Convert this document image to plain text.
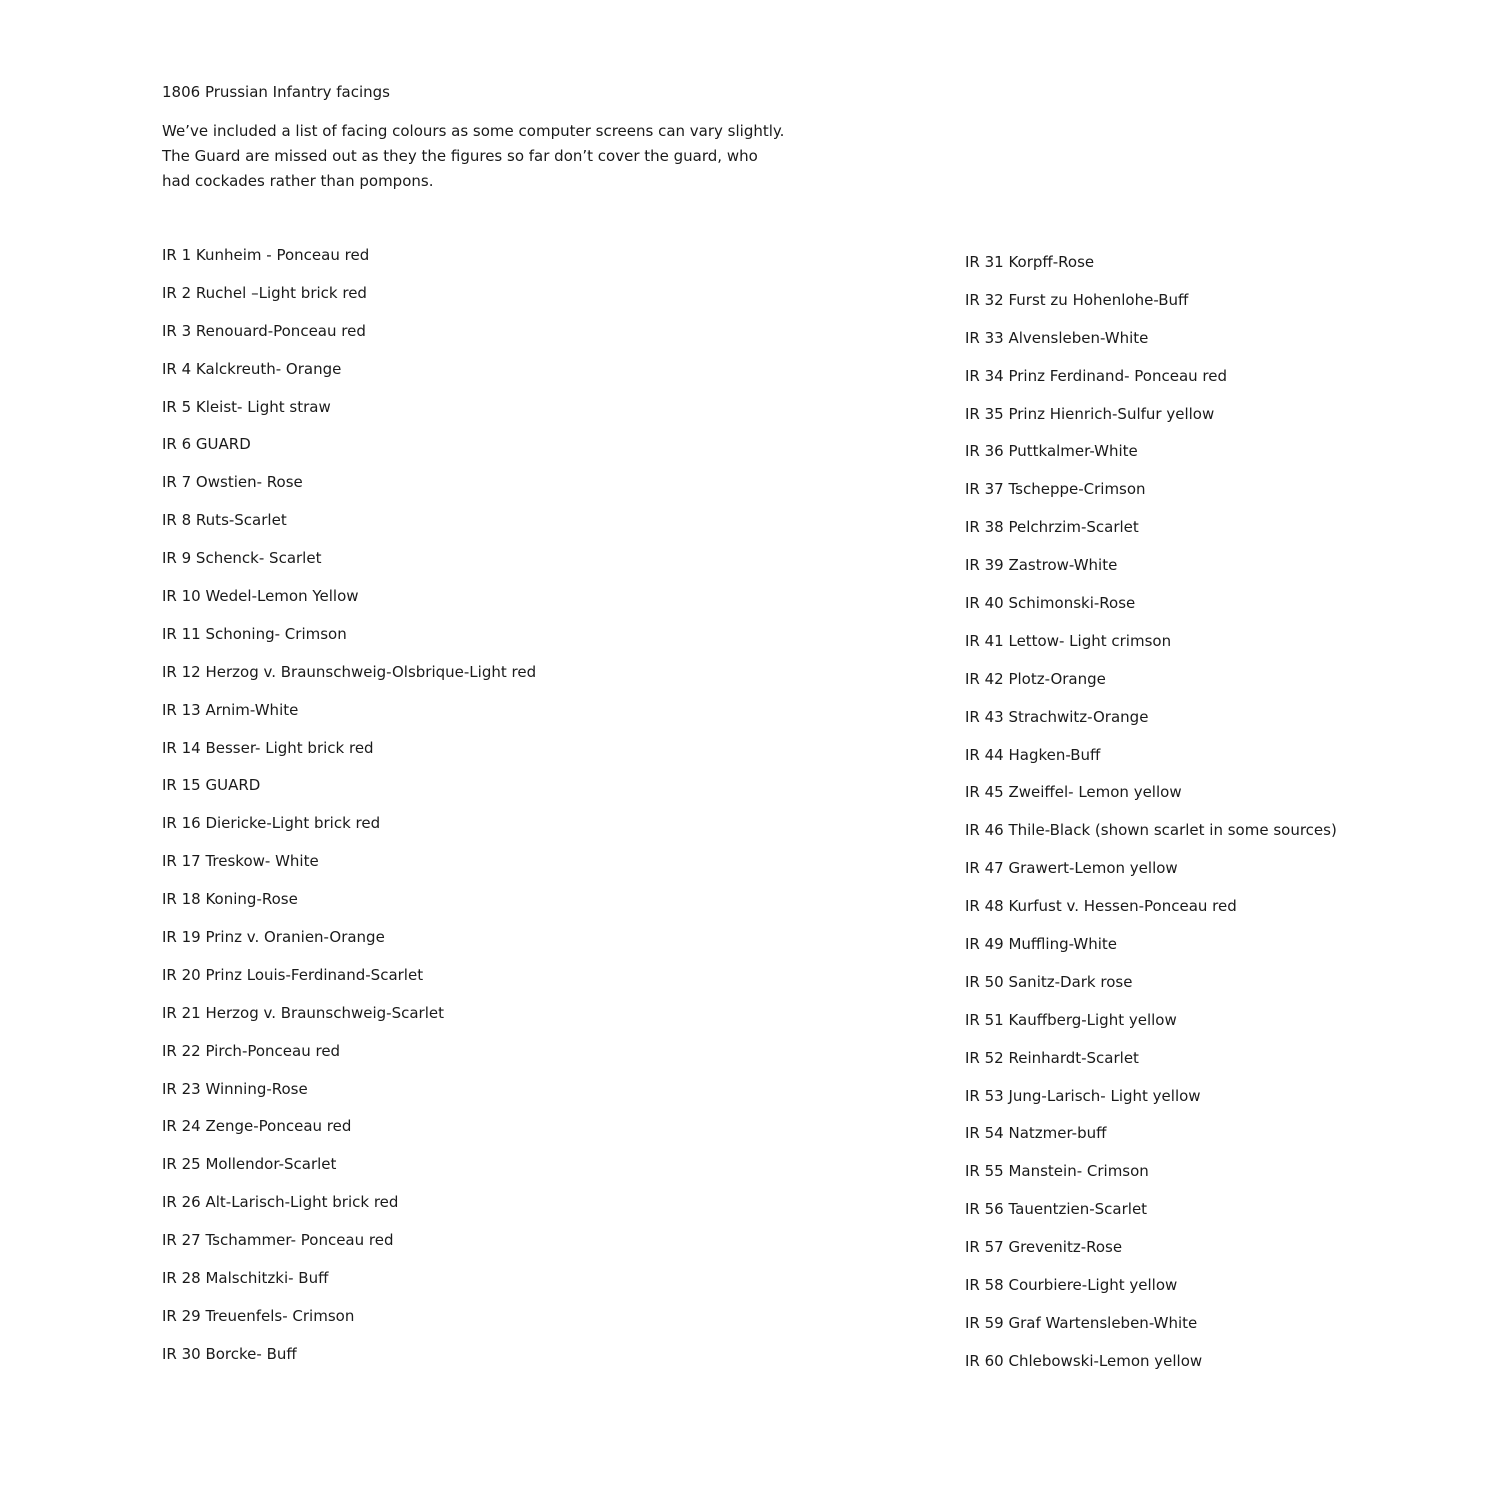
1806 Prussian Infantry facings

We’ve included a list of facing colours as some computer screens can vary slightly.

The Guard are missed out as they the figures so far don’t cover the guard, who

had cockades rather than pompons.

IR 1 Kunheim - Ponceau red
IR 2 Ruchel –Light brick red
IR 3 Renouard-Ponceau red
IR 4 Kalckreuth- Orange
IR 5 Kleist- Light straw
IR 6 GUARD
IR 7 Owstien- Rose
IR 8 Ruts-Scarlet
IR 9 Schenck- Scarlet
IR 10 Wedel-Lemon Yellow
IR 11 Schoning- Crimson
IR 12 Herzog v. Braunschweig-Olsbrique-Light red
IR 13 Arnim-White
IR 14 Besser- Light brick red
IR 15 GUARD
IR 16 Diericke-Light brick red
IR 17 Treskow- White
IR 18 Koning-Rose
IR 19 Prinz v. Oranien-Orange
IR 20 Prinz Louis-Ferdinand-Scarlet
IR 21 Herzog v. Braunschweig-Scarlet
IR 22 Pirch-Ponceau red
IR 23 Winning-Rose
IR 24 Zenge-Ponceau red
IR 25 Mollendor-Scarlet
IR 26 Alt-Larisch-Light brick red
IR 27 Tschammer- Ponceau red
IR 28 Malschitzki- Buff
IR 29 Treuenfels- Crimson
IR 30 Borcke- Buff
IR 31 Korpff-Rose
IR 32 Furst zu Hohenlohe-Buff
IR 33 Alvensleben-White
IR 34 Prinz Ferdinand- Ponceau red
IR 35 Prinz Hienrich-Sulfur yellow
IR 36 Puttkalmer-White
IR 37 Tscheppe-Crimson
IR 38 Pelchrzim-Scarlet
IR 39 Zastrow-White
IR 40 Schimonski-Rose
IR 41 Lettow- Light crimson
IR 42 Plotz-Orange
IR 43 Strachwitz-Orange
IR 44 Hagken-Buff
IR 45 Zweiffel- Lemon yellow
IR 46 Thile-Black (shown scarlet in some sources)
IR 47 Grawert-Lemon yellow
IR 48 Kurfust v. Hessen-Ponceau red
IR 49 Muffling-White
IR 50 Sanitz-Dark rose
IR 51 Kauffberg-Light yellow
IR 52 Reinhardt-Scarlet
IR 53 Jung-Larisch- Light yellow
IR 54 Natzmer-buff
IR 55 Manstein- Crimson
IR 56 Tauentzien-Scarlet
IR 57 Grevenitz-Rose
IR 58 Courbiere-Light yellow
IR 59 Graf Wartensleben-White
IR 60 Chlebowski-Lemon yellow
